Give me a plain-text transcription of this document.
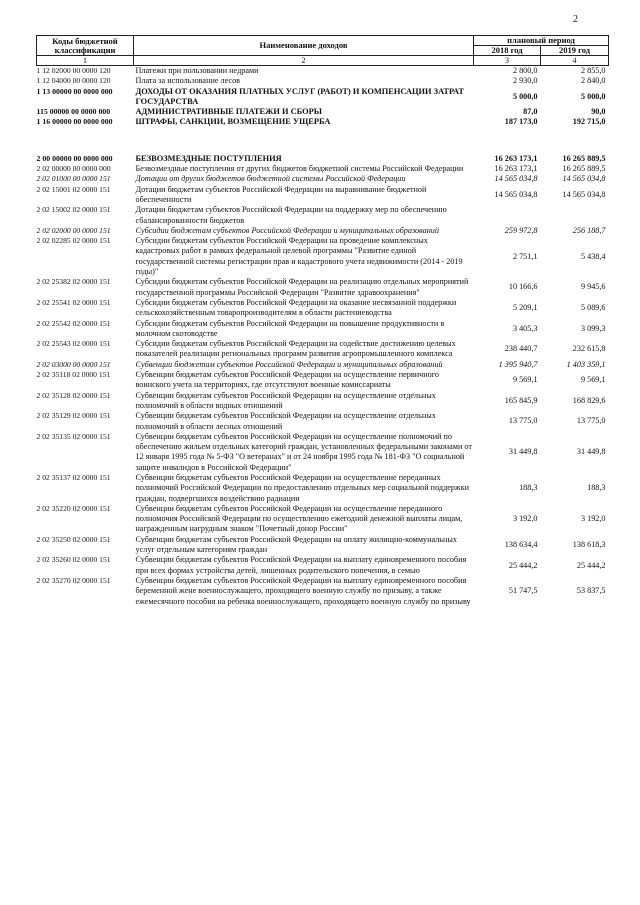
2
Коды бюджетной классификации	Наименование доходов	плановый период	
		2018 год	2019 год
1	2	3	4
1 12 02000 00 0000 120	Платежи при пользовании недрами	2 800,0	2 855,0
1 12 04000 00 0000 120	Плата за использование лесов	2 930,0	2 840,0
1 13 00000 00 0000 000	ДОХОДЫ ОТ ОКАЗАНИЯ ПЛАТНЫХ УСЛУГ (РАБОТ) И КОМПЕНСАЦИИ ЗАТРАТ ГОСУДАРСТВА	5 000,0	5 000,0
115 00000 00 0000 000	АДМИНИСТРАТИВНЫЕ ПЛАТЕЖИ И СБОРЫ	87,0	90,0
1 16 00000 00 0000 000	ШТРАФЫ, САНКЦИИ, ВОЗМЕЩЕНИЕ УЩЕРБА	187 173,0	192 715,0

2 00 00000 00 0000 000	БЕЗВОЗМЕЗДНЫЕ ПОСТУПЛЕНИЯ	16 263 173,1	16 265 889,5
2 02 00000 00 0000 000	Безвозмездные поступления от других бюджетов бюджетной системы Российской Федерации	16 263 173,1	16 265 889,5
2 02 01000 00 0000 151	Дотации от других бюджетов бюджетной системы Российской Федерации	14 565 034,8	14 565 034,8
2 02 15001 02 0000 151	Дотации бюджетам субъектов Российской Федерации на выравнивание бюджетной обеспеченности	14 565 034,8	14 565 034,8
2 02 15002 02 0000 151	Дотации бюджетам субъектов Российской Федерации на поддержку мер по обеспечению сбалансированности бюджетов		
2 02 02000 00 0000 151	Субсидии бюджетам субъектов Российской Федерации и муниципальных образований	259 972,8	256 188,7
2 02 02285 02 0000 151	Субсидии бюджетам субъектов Российской Федерации на проведение комплексных кадастровых работ в рамках федеральной целевой программы "Развитие единой государственной системы регистрации прав и кадастрового учета недвижимости (2014 - 2019 годы)"	2 751,1	5 438,4
2 02 25382 02 0000 151	Субсидии бюджетам субъектов Российской Федерации на реализацию отдельных мероприятий государственной программы Российской Федерации "Развитие здравоохранения"	10 166,6	9 945,6
2 02 25541 02 0000 151	Субсидии бюджетам субъектов Российской Федерации на оказание несвязанной поддержки сельскохозяйственным товаропроизводителям в области растениеводства	5 209,1	5 089,6
2 02 25542 02 0000 151	Субсидии бюджетам субъектов Российской Федерации на повышение продуктивности в молочном скотоводстве	3 405,3	3 099,3
2 02 25543 02 0000 151	Субсидии бюджетам субъектов Российской Федерации на содействие достижению целевых показателей реализации региональных программ развития агропромышленного комплекса	238 440,7	232 615,8
2 02 03000 00 0000 151	Субвенции бюджетам субъектов Российской Федерации и муниципальных образований	1 395 940,7	1 403 359,1
2 02 35118 02 0000 151	Субвенции бюджетам субъектов Российской Федерации на осуществление первичного воинского учета на территориях, где отсутствуют военные комиссариаты	9 569,1	9 569,1
2 02 35128 02 0000 151	Субвенции бюджетам субъектов Российской Федерации на осуществление отдельных полномочий в области водных отношений	165 845,9	168 829,6
2 02 35129 02 0000 151	Субвенции бюджетам субъектов Российской Федерации на осуществление отдельных полномочий в области лесных отношений	13 775,0	13 775,0
2 02 35135 02 0000 151	Субвенции бюджетам субъектов Российской Федерации на осуществление полномочий по обеспечению жильем отдельных категорий граждан, установленных федеральными законами от 12 января 1995 года № 5-ФЗ "О ветеранах" и от 24 ноября 1995 года № 181-ФЗ "О социальной защите инвалидов в Российской Федерации"	31 449,8	31 449,8
2 02 35137 02 0000 151	Субвенции бюджетам субъектов Российской Федерации на осуществление переданных полномочий Российской Федерации по предоставлению отдельных мер социальной поддержки граждан, подвергшихся воздействию радиации	188,3	188,3
2 02 35220 02 0000 151	Субвенции бюджетам субъектов Российской Федерации на осуществление переданного полномочия Российской Федерации по осуществлению ежегодной денежной выплаты лицам, награжденным нагрудным знаком "Почетный донор России"	3 192,0	3 192,0
2 02 35250 02 0000 151	Субвенции бюджетам субъектов Российской Федерации на оплату жилищно-коммунальных услуг отдельным категориям граждан	138 634,4	138 618,3
2 02 35260 02 0000 151	Субвенции бюджетам субъектов Российской Федерации на выплату единовременного пособия при всех формах устройства детей, лишенных родительского попечения, в семью	25 444,2	25 444,2
2 02 35270 02 0000 151	Субвенции бюджетам субъектов Российской Федерации на выплату единовременного пособия беременной жене военнослужащего, проходящего военную службу по призыву, а также ежемесячного пособия на ребенка военнослужащего, проходящего военную службу по призыву	51 747,5	53 837,5
